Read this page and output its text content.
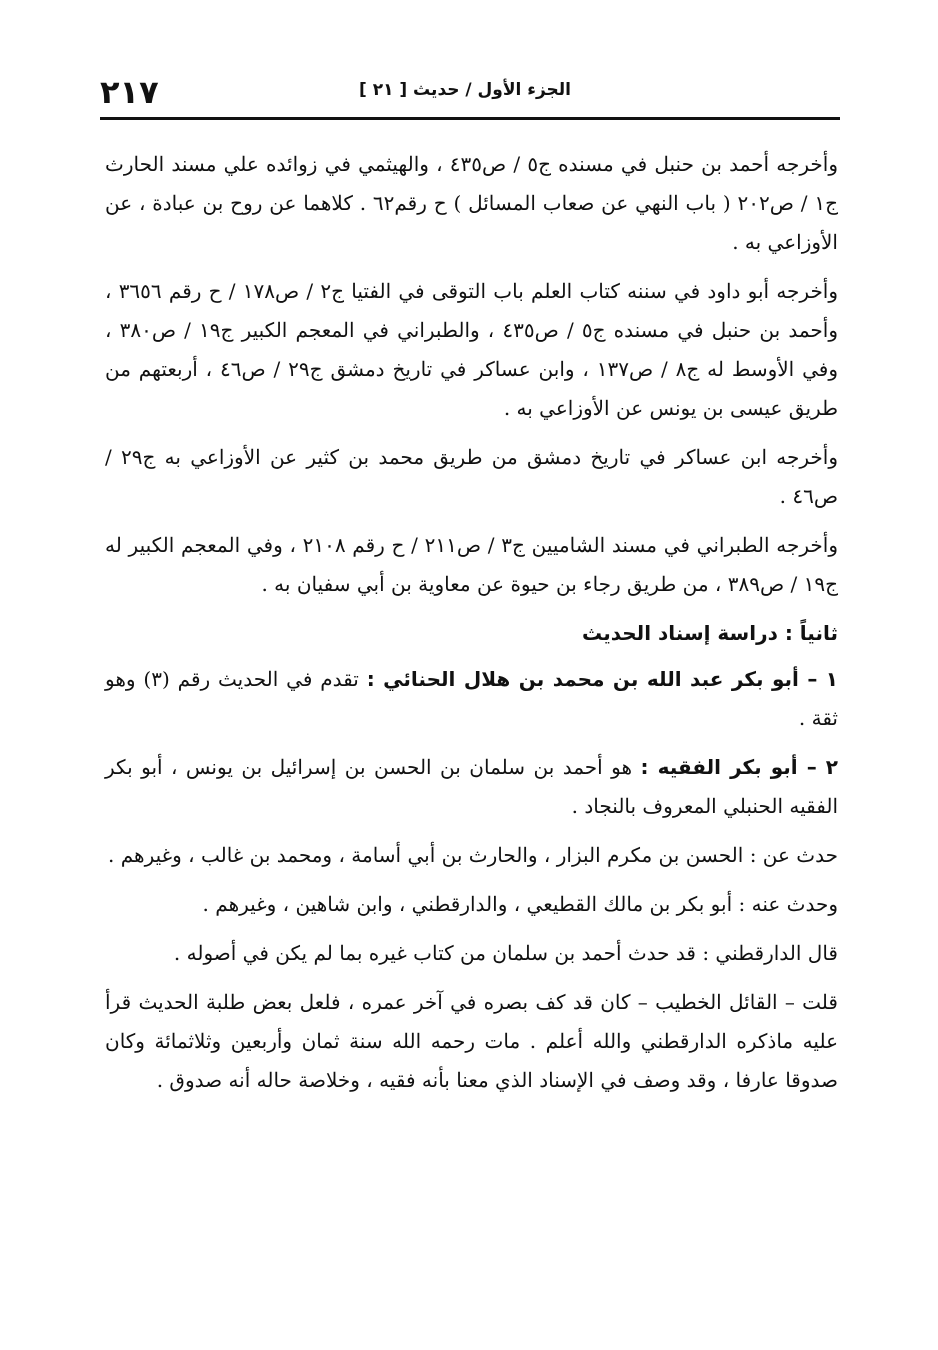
٢١٧	الجزء الأول / حديث [ ٢١ ]

وأخرجه أحمد بن حنبل في مسنده ج٥ / ص٤٣٥ ، والهيثمي في زوائده علي مسند الحارث ج١ / ص٢٠٢ ( باب النهي عن صعاب المسائل ) ح رقم٦٢ . كلاهما عن روح بن عبادة ، عن الأوزاعي به .

وأخرجه أبو داود في سننه كتاب العلم باب التوقى في الفتيا ج٢ / ص١٧٨ / ح رقم ٣٦٥٦ ، وأحمد بن حنبل في مسنده ج٥ / ص٤٣٥ ، والطبراني في المعجم الكبير ج١٩ / ص٣٨٠ ، وفي الأوسط له ج٨ / ص١٣٧ ، وابن عساكر في تاريخ دمشق ج٢٩ / ص٤٦ ، أربعتهم من طريق عيسى بن يونس عن الأوزاعي به .

وأخرجه ابن عساكر في تاريخ دمشق من طريق محمد بن كثير عن الأوزاعي به ج٢٩ / ص٤٦ .

وأخرجه الطبراني في مسند الشاميين ج٣ / ص٢١١ / ح رقم ٢١٠٨ ، وفي المعجم الكبير له ج١٩ / ص٣٨٩ ، من طريق رجاء بن حيوة عن معاوية بن أبي سفيان به .

ثانياً : دراسة إسناد الحديث

١ – أبو بكر عبد الله بن محمد بن هلال الحنائي : تقدم في الحديث رقم (٣) وهو ثقة .

٢ – أبو بكر الفقيه : هو أحمد بن سلمان بن الحسن بن إسرائيل بن يونس ، أبو بكر الفقيه الحنبلي المعروف بالنجاد .

حدث عن : الحسن بن مكرم البزار ، والحارث بن أبي أسامة ، ومحمد بن غالب ، وغيرهم .

وحدث عنه : أبو بكر بن مالك القطيعي ، والدارقطني ، وابن شاهين ، وغيرهم .

قال الدارقطني : قد حدث أحمد بن سلمان من كتاب غيره بما لم يكن في أصوله .

قلت – القائل الخطيب – كان قد كف بصره في آخر عمره ، فلعل بعض طلبة الحديث قرأ عليه ماذكره الدارقطني والله أعلم . مات رحمه الله سنة ثمان وأربعين وثلاثمائة وكان صدوقا عارفا ، وقد وصف في الإسناد الذي معنا بأنه فقيه ، وخلاصة حاله أنه صدوق .
